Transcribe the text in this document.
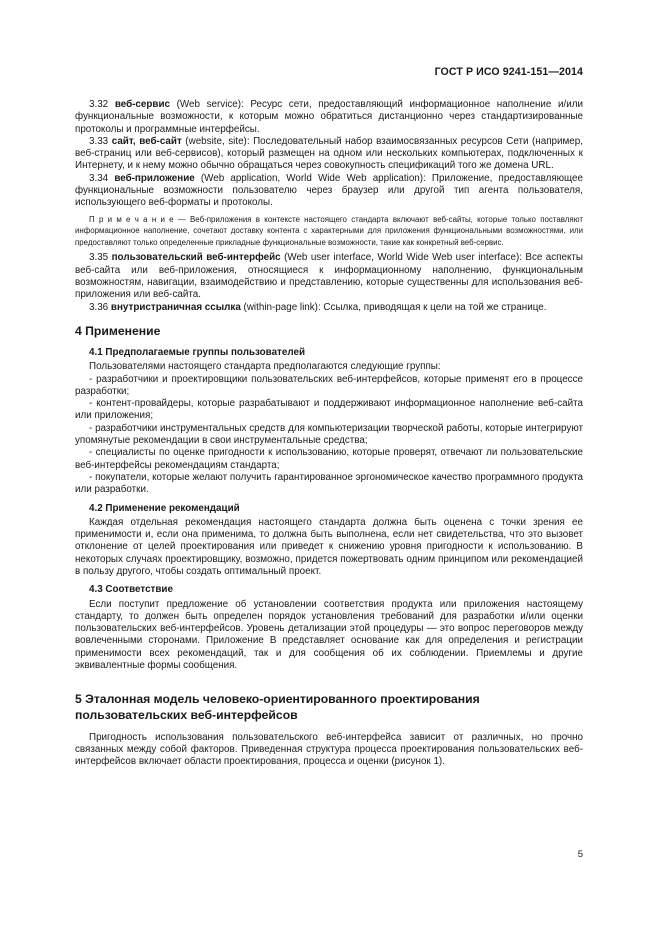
ГОСТ Р ИСО 9241-151—2014

3.32 веб-сервис (Web service): Ресурс сети, предоставляющий информационное наполнение и/или функциональные возможности, к которым можно обратиться дистанционно через стандартизированные протоколы и программные интерфейсы.

3.33 сайт, веб-сайт (website, site): Последовательный набор взаимосвязанных ресурсов Сети (например, веб-страниц или веб-сервисов), который размещен на одном или нескольких компьютерах, подключенных к Интернету, и к нему можно обычно обращаться через совокупность спецификаций того же домена URL.

3.34 веб-приложение (Web application, World Wide Web application): Приложение, предоставляющее функциональные возможности пользователю через браузер или другой тип агента пользователя, использующего веб-форматы и протоколы.

П р и м е ч а н и е — Веб-приложения в контексте настоящего стандарта включают веб-сайты, которые только поставляют информационное наполнение, сочетают доставку контента с характерными для приложения функциональными возможностями, или предоставляют только определенные прикладные функциональные возможности, такие как конкретный веб-сервис.

3.35 пользовательский веб-интерфейс (Web user interface, World Wide Web user interface): Все аспекты веб-сайта или веб-приложения, относящиеся к информационному наполнению, функциональным возможностям, навигации, взаимодействию и представлению, которые существенны для использования веб-приложения или веб-сайта.

3.36 внутристраничная ссылка (within-page link): Ссылка, приводящая к цели на той же странице.

4 Применение

4.1 Предполагаемые группы пользователей

Пользователями настоящего стандарта предполагаются следующие группы:

- разработчики и проектировщики пользовательских веб-интерфейсов, которые применят его в процессе разработки;

- контент-провайдеры, которые разрабатывают и поддерживают информационное наполнение веб-сайта или приложения;

- разработчики инструментальных средств для компьютеризации творческой работы, которые интегрируют упомянутые рекомендации в свои инструментальные средства;

- специалисты по оценке пригодности к использованию, которые проверят, отвечают ли пользовательские веб-интерфейсы рекомендациям стандарта;

- покупатели, которые желают получить гарантированное эргономическое качество программного продукта или разработки.

4.2 Применение рекомендаций

Каждая отдельная рекомендация настоящего стандарта должна быть оценена с точки зрения ее применимости и, если она применима, то должна быть выполнена, если нет свидетельства, что это вызовет отклонение от целей проектирования или приведет к снижению уровня пригодности к использованию. В некоторых случаях проектировщику, возможно, придется пожертвовать одним принципом или рекомендацией в пользу другого, чтобы создать оптимальный проект.

4.3 Соответствие

Если поступит предложение об установлении соответствия продукта или приложения настоящему стандарту, то должен быть определен порядок установления требований для разработки и/или оценки пользовательских веб-интерфейсов. Уровень детализации этой процедуры — это вопрос переговоров между вовлеченными сторонами. Приложение В представляет основание как для определения и регистрации применимости всех рекомендаций, так и для сообщения об их соблюдении. Приемлемы и другие эквивалентные формы сообщения.

5 Эталонная модель человеко-ориентированного проектирования пользовательских веб-интерфейсов

Пригодность использования пользовательского веб-интерфейса зависит от различных, но прочно связанных между собой факторов. Приведенная структура процесса проектирования пользовательских веб-интерфейсов включает области проектирования, процесса и оценки (рисунок 1).

5
